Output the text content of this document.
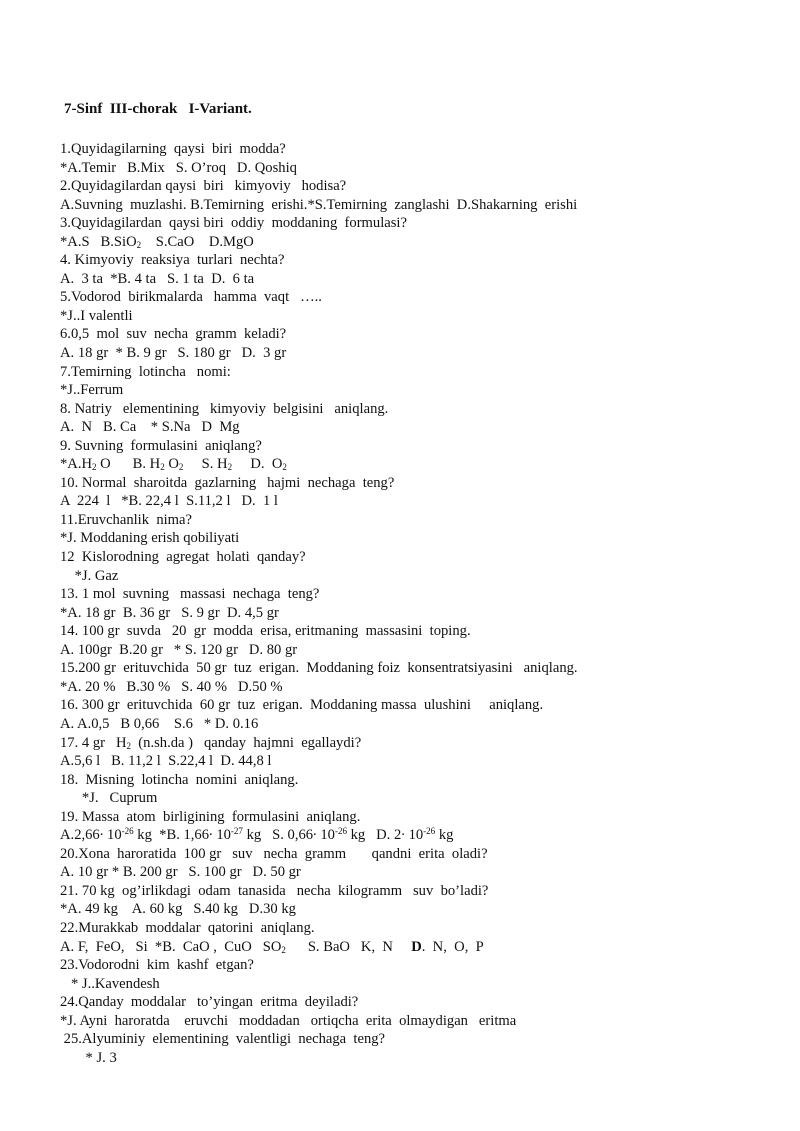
7-Sinf  III-chorak   I-Variant.
1.Quyidagilarning  qaysi  biri  modda?
*A.Temir   B.Mix   S. O’roq   D. Qoshiq
2.Quyidagilardan qaysi  biri   kimyoviy   hodisa?
A.Suvning  muzlashi. B.Temirning  erishi.*S.Temirning  zanglashi  D.Shakarning  erishi
3.Quyidagilardan  qaysi biri  oddiy  moddaning  formulasi?
*A.S   B.SiO$_2$    S.CaO    D.MgO
4. Kimyoviy  reaksiya  turlari  nechta?
A.  3 ta  *B. 4 ta   S. 1 ta  D.  6 ta
5.Vodorod  birikmalarda   hamma  vaqt   …..
*J..I valentli
6.0,5  mol  suv  necha  gramm  keladi?
A. 18 gr  * B. 9 gr   S. 180 gr   D.  3 gr
7.Temirning  lotincha   nomi:
*J..Ferrum
8. Natriy   elementining   kimyoviy  belgisini   aniqlang.
A.  N   B. Ca    * S.Na   D  Mg
9. Suvning  formulasini  aniqlang?
$*A.H_2$ O      B. $H_2$ $O_2$     S. $H_2$     D.  $O_2$
10. Normal  sharoitda  gazlarning   hajmi  nechaga  teng?
A  224  l   *B. 22,4 l  S.11,2 l   D.  1 l
11.Eruvchanlik  nima?
*J. Moddaning erish qobiliyati
12  Kislorodning  agregat  holati  qanday?
*J. Gaz
13. 1 mol  suvning   massasi  nechaga  teng?
*A. 18 gr  B. 36 gr   S. 9 gr  D. 4,5 gr
14. 100 gr  suvda   20  gr  modda  erisa, eritmaning  massasini  toping.
A. 100gr  B.20 gr   * S. 120 gr   D. 80 gr
15.200 gr  erituvchida  50 gr  tuz  erigan.  Moddaning foiz  konsentratsiyasini   aniqlang.
*A. 20 %   B.30 %   S. 40 %   D.50 %
16. 300 gr  erituvchida  60 gr  tuz  erigan.  Moddaning massa  ulushini     aniqlang.
A. A.0,5   B 0,66    S.6   * D. 0.16
17. 4 gr   $H_2$  (n.sh.da )   qanday  hajmni  egallaydi?
A.5,6 l   B. 11,2 l  S.22,4 l  D. 44,8 l
18.  Misning  lotincha  nomini  aniqlang.
*J.   Cuprum
19. Massa  atom  birligining  formulasini  aniqlang.
$A.2,66\cdot 10^{-26}$ kg  *B. $1,66\cdot 10^{-27}$ kg   S. $0,66\cdot 10^{-26}$ kg   D. $2\cdot 10^{-26}$ kg
20.Xona  haroratida  100 gr   suv   necha  gramm       qandni  erita  oladi?
A. 10 gr * B. 200 gr   S. 100 gr   D. 50 gr
21. 70 kg  og’irlikdagi  odam  tanasida   necha  kilogramm   suv  bo’ladi?
*A. 49 kg    A. 60 kg   S.40 kg   D.30 kg
22.Murakkab  moddalar  qatorini  aniqlang.
A. F,  FeO,   Si  *B.  CaO ,  CuO   $SO_2$      S. BaO   K,  N     D.  N,  O,  P
23.Vodorodni  kim  kashf  etgan?
* J..Kavendesh
24.Qanday  moddalar   to’yingan  eritma  deyiladi?
*J. Ayni  haroratda    eruvchi   moddadan   ortiqcha  erita  olmaydigan   eritma
25.Alyuminiy  elementining  valentligi  nechaga  teng?
* J. 3
